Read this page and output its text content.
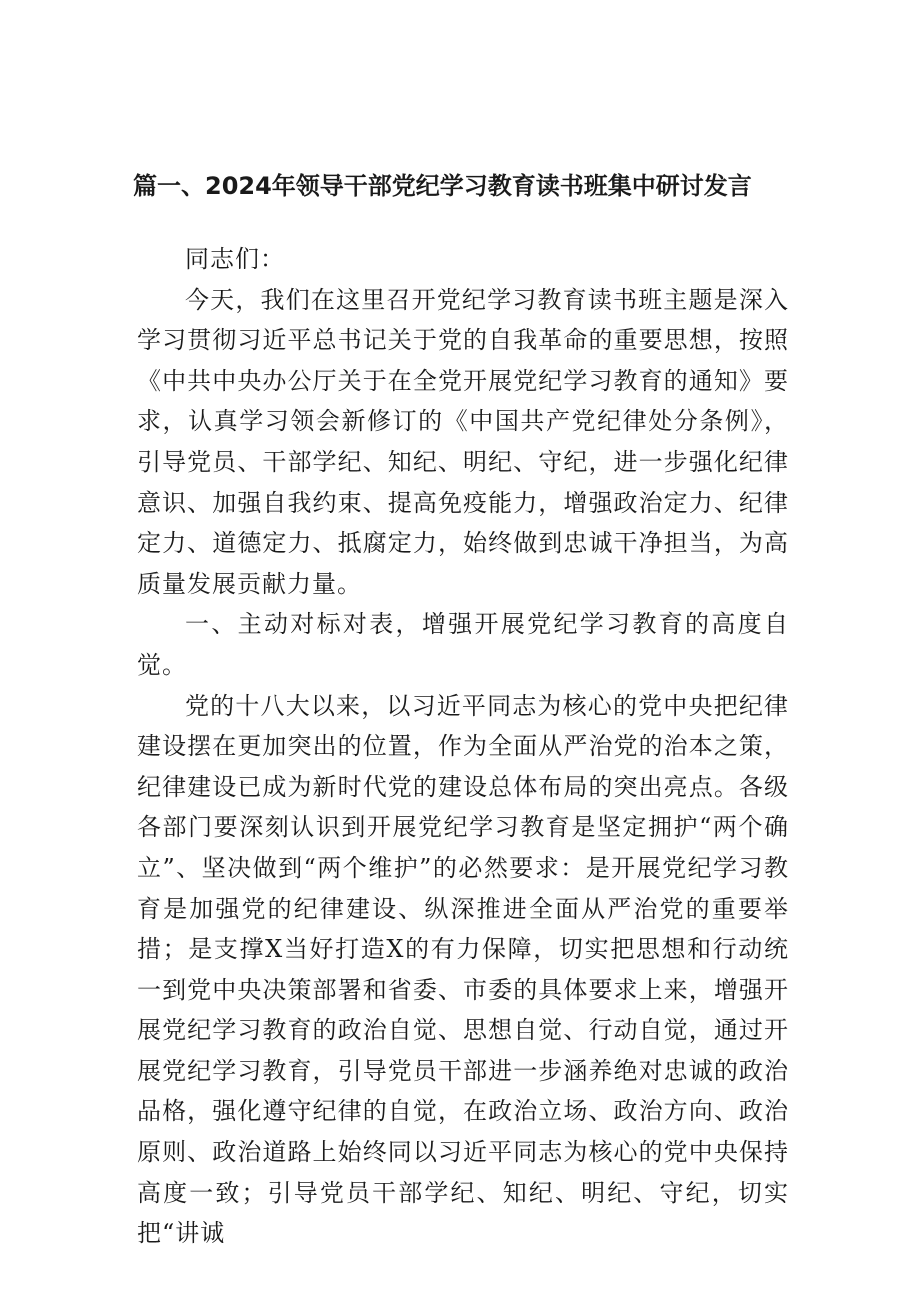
篇一、2024年领导干部党纪学习教育读书班集中研讨发言

同志们：

今天，我们在这里召开党纪学习教育读书班主题是深入学习贯彻习近平总书记关于党的自我革命的重要思想，按照《中共中央办公厅关于在全党开展党纪学习教育的通知》要求，认真学习领会新修订的《中国共产党纪律处分条例》，引导党员、干部学纪、知纪、明纪、守纪，进一步强化纪律意识、加强自我约束、提高免疫能力，增强政治定力、纪律定力、道德定力、抵腐定力，始终做到忠诚干净担当，为高质量发展贡献力量。

一、主动对标对表，增强开展党纪学习教育的高度自觉。

党的十八大以来，以习近平同志为核心的党中央把纪律建设摆在更加突出的位置，作为全面从严治党的治本之策，纪律建设已成为新时代党的建设总体布局的突出亮点。各级各部门要深刻认识到开展党纪学习教育是坚定拥护“两个确立”、坚决做到“两个维护”的必然要求：是开展党纪学习教育是加强党的纪律建设、纵深推进全面从严治党的重要举措；是支撑X当好打造X的有力保障，切实把思想和行动统一到党中央决策部署和省委、市委的具体要求上来，增强开展党纪学习教育的政治自觉、思想自觉、行动自觉，通过开展党纪学习教育，引导党员干部进一步涵养绝对忠诚的政治品格，强化遵守纪律的自觉，在政治立场、政治方向、政治原则、政治道路上始终同以习近平同志为核心的党中央保持高度一致；引导党员干部学纪、知纪、明纪、守纪，切实把“讲诚
